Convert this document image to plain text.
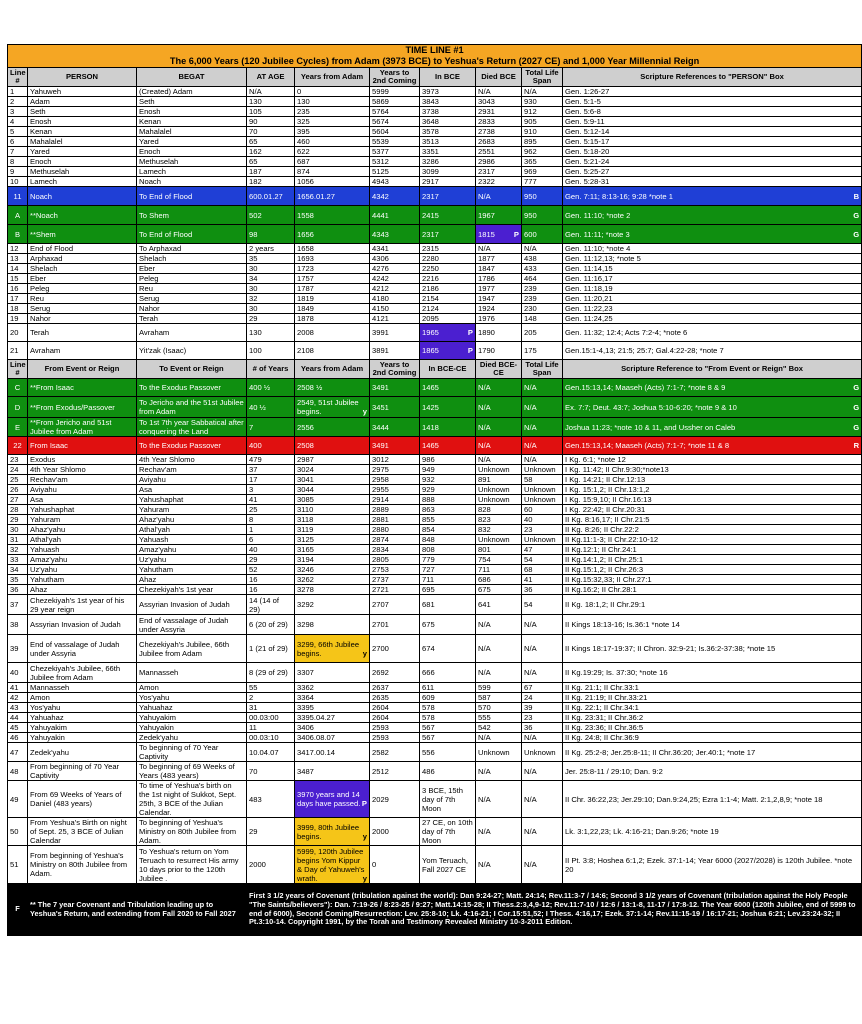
TIME LINE #1
The 6,000 Years (120 Jubilee Cycles) from Adam (3973 BCE) to Yeshua's Return (2027 CE) and 1,000 Year Millennial Reign									
Line #	PERSON	BEGAT	AT AGE	Years from Adam	Years to 2nd Coming	In BCE	Died BCE	Total Life Span	Scripture References to "PERSON" Box
1	Yahuweh	(Created) Adam	N/A	0	5999	3973	N/A	N/A	Gen. 1:26-27
2	Adam	Seth	130	130	5869	3843	3043	930	Gen. 5:1-5
3	Seth	Enosh	105	235	5764	3738	2931	912	Gen. 5:6-8
4	Enosh	Kenan	90	325	5674	3648	2833	905	Gen. 5:9-11
5	Kenan	Mahalalel	70	395	5604	3578	2738	910	Gen. 5:12-14
6	Mahalalel	Yared	65	460	5539	3513	2683	895	Gen. 5:15-17
7	Yared	Enoch	162	622	5377	3351	2551	962	Gen. 5:18-20
8	Enoch	Methuselah	65	687	5312	3286	2986	365	Gen. 5:21-24
9	Methuselah	Lamech	187	874	5125	3099	2317	969	Gen. 5:25-27
10	Lamech	Noach	182	1056	4943	2917	2322	777	Gen. 5:28-31
11	Noach	To End of Flood	600.01.27	1656.01.27	4342	2317	N/A	950	B
Gen. 7:11; 8:13-16; 9:28 *note 1
A	**Noach	To Shem	502	1558	4441	2415	1967	950	G
Gen. 11:10; *note 2
B	**Shem	To End of Flood	98	1656	4343	2317	1815 P	600	G
Gen. 11:11; *note 3
12	End of Flood	To Arphaxad	2 years	1658	4341	2315	N/A	N/A	Gen. 11:10; *note 4
13	Arphaxad	Shelach	35	1693	4306	2280	1877	438	Gen. 11:12,13; *note 5
14	Shelach	Eber	30	1723	4276	2250	1847	433	Gen. 11:14,15
15	Eber	Peleg	34	1757	4242	2216	1786	464	Gen. 11:16,17
16	Peleg	Reu	30	1787	4212	2186	1977	239	Gen. 11:18,19
17	Reu	Serug	32	1819	4180	2154	1947	239	Gen. 11:20,21
18	Serug	Nahor	30	1849	4150	2124	1924	230	Gen. 11:22,23
19	Nahor	Terah	29	1878	4121	2095	1976	148	Gen. 11:24,25
20	Terah	Avraham	130	2008	3991	1965 P	1890	205	Gen. 11:32; 12:4; Acts 7:2-4; *note 6
21	Avraham	Yit'zak (Isaac)	100	2108	3891	1865 P	1790	175	Gen.15:1-4,13; 21:5; 25:7; Gal.4:22-28; *note 7
Line #	From Event or Reign	To Event or Reign	# of Years	Years from Adam	Years to 2nd Coming	In BCE-CE	Died BCE-CE	Total Life Span	Scripture Reference to "From Event or Reign" Box
C	**From Isaac	To the Exodus Passover	400 ½	2508 ½	3491	1465	N/A	N/A	G
Gen.15:13,14; Maaseh (Acts) 7:1-7; *note 8 & 9
D	**From Exodus/Passover	To Jericho and the 51st Jubilee from Adam	40 ½	2549, 51st Jubilee begins. y	3451	1425	N/A	N/A	G
Ex. 7:7; Deut. 43:7; Joshua 5:10-6:20; *note 9 & 10
E	**From Jericho and 51st Jubilee from Adam	To 1st 7th year Sabbatical after conquering the Land	7	2556	3444	1418	N/A	N/A	G
Joshua 11:23; *note 10 & 11, and Ussher on Caleb
22	From Isaac	To the Exodus Passover	400	2508	3491	1465	N/A	N/A	R
Gen.15:13,14; Maaseh (Acts) 7:1-7; *note 11 & 8
23	Exodus	4th Year Shlomo	479	2987	3012	986	N/A	N/A	I Kg. 6:1; *note 12
24	4th Year Shlomo	Rechav'am	37	3024	2975	949	Unknown	Unknown	I Kg. 11:42; II Chr.9:30;*note13
25	Rechav'am	Aviyahu	17	3041	2958	932	891	58	I Kg. 14:21; II Chr.12:13
26	Aviyahu	Asa	3	3044	2955	929	Unknown	Unknown	I Kg. 15:1,2; II Chr.13:1,2
27	Asa	Yahushaphat	41	3085	2914	888	Unknown	Unknown	I Kg. 15:9,10; II Chr.16:13
28	Yahushaphat	Yahuram	25	3110	2889	863	828	60	I Kg. 22:42; II Chr.20:31
29	Yahuram	Ahaz'yahu	8	3118	2881	855	823	40	II Kg. 8:16,17; II Chr.21:5
30	Ahaz'yahu	Athal'yah	1	3119	2880	854	832	23	II Kg. 8:26; II Chr.22:2
31	Athal'yah	Yahuash	6	3125	2874	848	Unknown	Unknown	II Kg.11:1-3; II Chr.22:10-12
32	Yahuash	Amaz'yahu	40	3165	2834	808	801	47	II Kg.12:1; II Chr.24:1
33	Amaz'yahu	Uz'yahu	29	3194	2805	779	754	54	II Kg.14:1,2; II Chr.25:1
34	Uz'yahu	Yahutham	52	3246	2753	727	711	68	II Kg.15:1,2; II Chr.26:3
35	Yahutham	Ahaz	16	3262	2737	711	686	41	II Kg.15:32,33; II Chr.27:1
36	Ahaz	Chezekiyah's 1st year	16	3278	2721	695	675	36	II Kg.16:2; II Chr.28:1
37	Chezekiyah's 1st year of his 29 year reign	Assyrian Invasion of Judah	14 (14 of 29)	3292	2707	681	641	54	II Kg. 18:1,2; II Chr.29:1
38	Assyrian Invasion of Judah	End of vassalage of Judah under Assyria	6 (20 of 29)	3298	2701	675	N/A	N/A	II Kings 18:13-16; Is.36:1 *note 14
39	End of vassalage of Judah under Assyria	Chezekiyah's Jubilee, 66th Jubilee from Adam	1 (21 of 29)	3299, 66th Jubilee begins. y	2700	674	N/A	N/A	II Kings 18:17-19:37; II Chron. 32:9-21; Is.36:2-37:38; *note 15
40	Chezekiyah's Jubilee, 66th Jubilee from Adam	Mannasseh	8 (29 of 29)	3307	2692	666	N/A	N/A	II Kg.19:29; Is. 37:30; *note 16
41	Mannasseh	Amon	55	3362	2637	611	599	67	II Kg. 21:1; II Chr.33:1
42	Amon	Yos'yahu	2	3364	2635	609	587	24	II Kg. 21:19; II Chr.33:21
43	Yos'yahu	Yahuahaz	31	3395	2604	578	570	39	II Kg. 22:1; II Chr.34:1
44	Yahuahaz	Yahuyakim	00.03:00	3395.04.27	2604	578	555	23	II Kg. 23:31; II Chr.36:2
45	Yahuyakim	Yahuyakin	11	3406	2593	567	542	36	II Kg. 23:36; II Chr.36:5
46	Yahuyakin	Zedek'yahu	00.03:10	3406.08.07	2593	567	N/A	N/A	II Kg. 24:8; II Chr.36:9
47	Zedek'yahu	To beginning of 70 Year Captivity	10.04.07	3417.00.14	2582	556	Unknown	Unknown	II Kg. 25:2-8; Jer.25:8-11; II Chr.36:20; Jer.40:1; *note 17
48	From beginning of 70 Year Captivity	To beginning of 69 Weeks of Years (483 years)	70	3487	2512	486	N/A	N/A	Jer. 25:8-11 / 29:10; Dan. 9:2
49	From 69 Weeks of Years of Daniel (483 years)	To time of Yeshua's birth on the 1st night of Sukkot, Sept. 25th, 3 BCE of the Julian Calendar.	483	3970 years and 14 days have passed. P	2029	3 BCE, 15th day of 7th Moon	N/A	N/A	II Chr. 36:22,23; Jer.29:10; Dan.9:24,25; Ezra 1:1-4; Matt. 2:1,2,8,9; *note 18
50	From Yeshua's Birth on night of Sept. 25, 3 BCE of Julian Calendar	To beginning of Yeshua's Ministry on 80th Jubilee from Adam.	29	3999, 80th Jubilee begins. y	2000	27 CE, on 10th day of 7th Moon	N/A	N/A	Lk. 3:1,22,23; Lk. 4:16-21; Dan.9:26; *note 19
51	From beginning of Yeshua's Ministry on 80th Jubilee from Adam.	To Yeshua's return on Yom Teruach to resurrect His army 10 days prior to the 120th Jubilee .	2000	5999, 120th Jubilee begins Yom Kippur & Day of Yahuweh's wrath. y	0	Yom Teruach, Fall 2027 CE	N/A	N/A	II Pt. 3:8; Hoshea 6:1,2; Ezek. 37:1-14; Year 6000 (2027/2028) is 120th Jubilee. *note 20
F	** The 7 year Covenant and Tribulation leading up to Yeshua's Return, and extending from Fall 2020 to Fall 2027		First 3 1/2 years of Covenant (tribulation against the world): Dan 9:24-27; Matt. 24:14; Rev.11:3-7 / 14:6; Second 3 1/2 years of Covenant (tribulation against the Holy People "The Saints/believers"): Dan. 7:19-26 / 8:23-25 / 9:27; Matt.14:15-28; II Thess.2:3,4,9-12; Rev.11:7-10 / 12:6 / 13:1-8, 11-17 / 17:8-12. The Year 6000 (120th Jubilee, end of 5999 to end of 6000), Second Coming/Resurrection: Lev. 25:8-10; Lk. 4:16-21; I Cor.15:51,52; I Thess. 4:16,17; Ezek. 37:1-14; Rev.11:15-19 / 16:17-21; Joshua 6:21; Lev.23:24-32; II Pt.3:10-14. Copyright 1991, by the Torah and Testimony Revealed Ministry 10-3-2011 Edition.						
